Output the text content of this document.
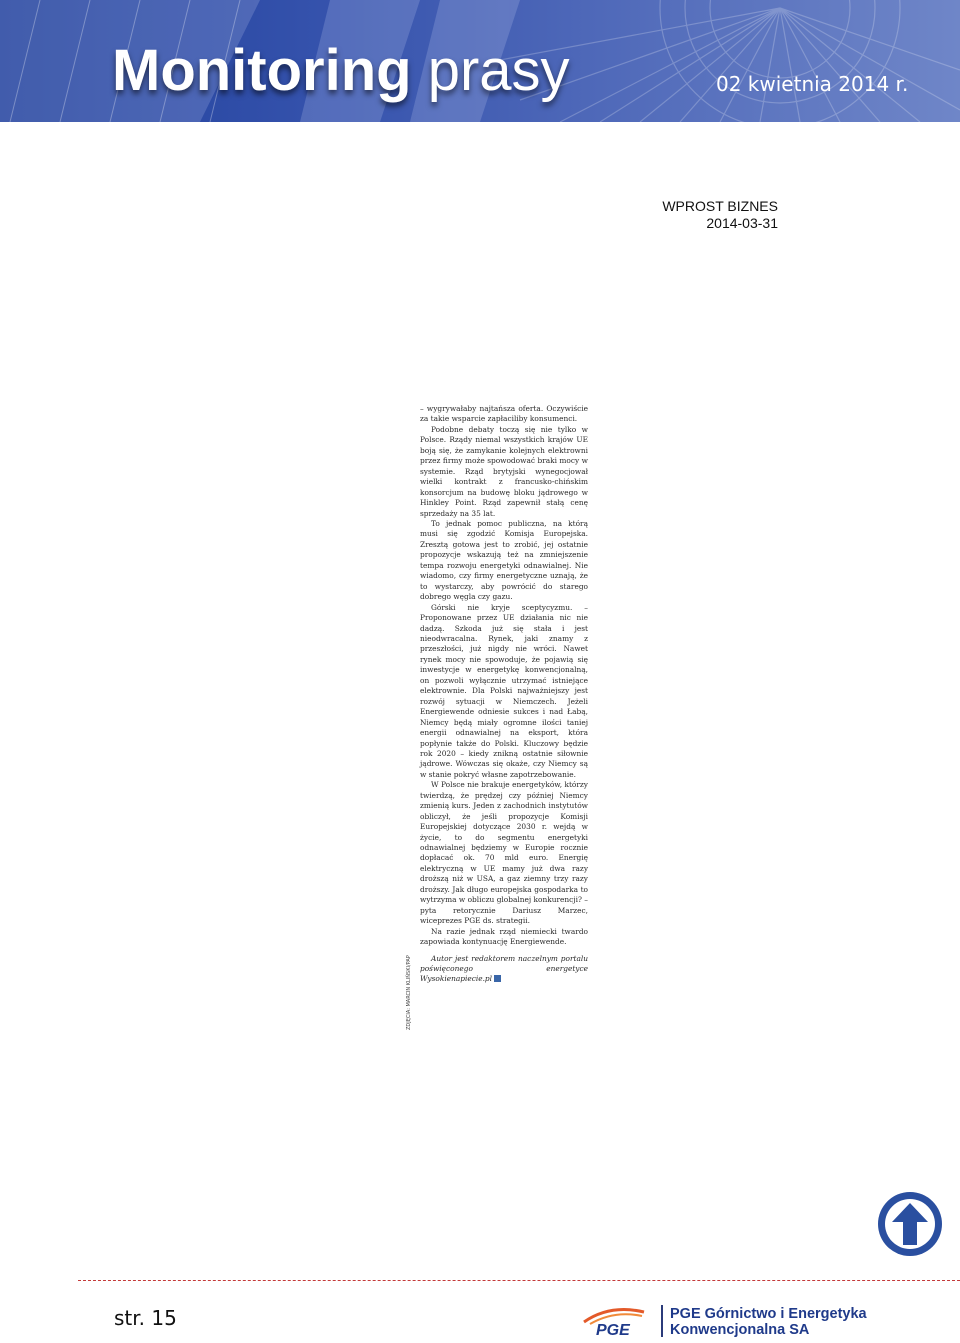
Monitoring prasy	02 kwietnia 2014 r.
WPROST BIZNES
2014-03-31
ZDJĘCIA: MARCIN KLIŃSKI/PAP

– wygrywałaby najtańsza oferta. Oczywiście za takie wsparcie zapłaciliby konsumenci.

Podobne debaty toczą się nie tylko w Polsce. Rządy niemal wszystkich krajów UE boją się, że zamykanie kolejnych elektrowni przez firmy może spowodować braki mocy w systemie. Rząd brytyjski wynegocjował wielki kontrakt z francusko-chińskim konsorcjum na budowę bloku jądrowego w Hinkley Point. Rząd zapewnił stałą cenę sprzedaży na 35 lat.

To jednak pomoc publiczna, na którą musi się zgodzić Komisja Europejska. Zresztą gotowa jest to zrobić, jej ostatnie propozycje wskazują też na zmniejszenie tempa rozwoju energetyki odnawialnej. Nie wiadomo, czy firmy energetyczne uznają, że to wystarczy, aby powrócić do starego dobrego węgla czy gazu.

Górski nie kryje sceptycyzmu. – Proponowane przez UE działania nic nie dadzą. Szkoda już się stała i jest nieodwracalna. Rynek, jaki znamy z przeszłości, już nigdy nie wróci. Nawet rynek mocy nie spowoduje, że pojawią się inwestycje w energetykę konwencjonalną, on pozwoli wyłącznie utrzymać istniejące elektrownie. Dla Polski najważniejszy jest rozwój sytuacji w Niemczech. Jeżeli Energiewende odniesie sukces i nad Łabą, Niemcy będą miały ogromne ilości taniej energii odnawialnej na eksport, która popłynie także do Polski. Kluczowy będzie rok 2020 – kiedy znikną ostatnie siłownie jądrowe. Wówczas się okaże, czy Niemcy są w stanie pokryć własne zapotrzebowanie.

W Polsce nie brakuje energetyków, którzy twierdzą, że prędzej czy później Niemcy zmienią kurs. Jeden z zachodnich instytutów obliczył, że jeśli propozycje Komisji Europejskiej dotyczące 2030 r. wejdą w życie, to do segmentu energetyki odnawialnej będziemy w Europie rocznie dopłacać ok. 70 mld euro. Energię elektryczną w UE mamy już dwa razy droższą niż w USA, a gaz ziemny trzy razy droższy. Jak długo europejska gospodarka to wytrzyma w obliczu globalnej konkurencji? – pyta retorycznie Dariusz Marzec, wiceprezes PGE ds. strategii.

Na razie jednak rząd niemiecki twardo zapowiada kontynuację Energiewende.

Autor jest redaktorem naczelnym portalu poświęconego energetyce Wysokienapiecie.pl

str. 15
PGE
PGE Górnictwo i Energetyka
Konwencjonalna SA
